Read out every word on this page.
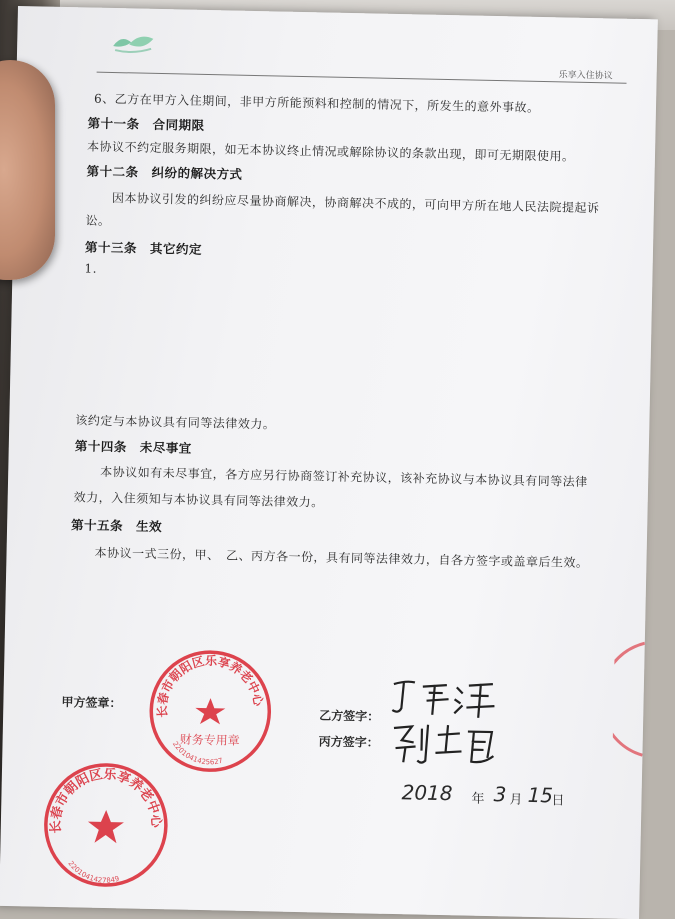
乐享入住协议
6、乙方在甲方入住期间，非甲方所能预料和控制的情况下，所发生的意外事故。
第十一条　合同期限
本协议不约定服务期限，如无本协议终止情况或解除协议的条款出现，即可无期限使用。
第十二条　纠纷的解决方式
因本协议引发的纠纷应尽量协商解决，协商解决不成的，可向甲方所在地人民法院提起诉
讼。
第十三条　其它约定
1.
该约定与本协议具有同等法律效力。
第十四条　未尽事宜
本协议如有未尽事宜，各方应另行协商签订补充协议，该补充协议与本协议具有同等法律
效力，入住须知与本协议具有同等法律效力。
第十五条　生效
本协议一式三份，甲、　乙、丙方各一份，具有同等法律效力，自各方签字或盖章后生效。
甲方签章：
乙方签字：
丙方签字：
2018 年 3 月 15
日
长春市朝阳区乐享养老中心
财务专用章
2201041425627
长春市朝阳区乐享养老中心
2201041427849
